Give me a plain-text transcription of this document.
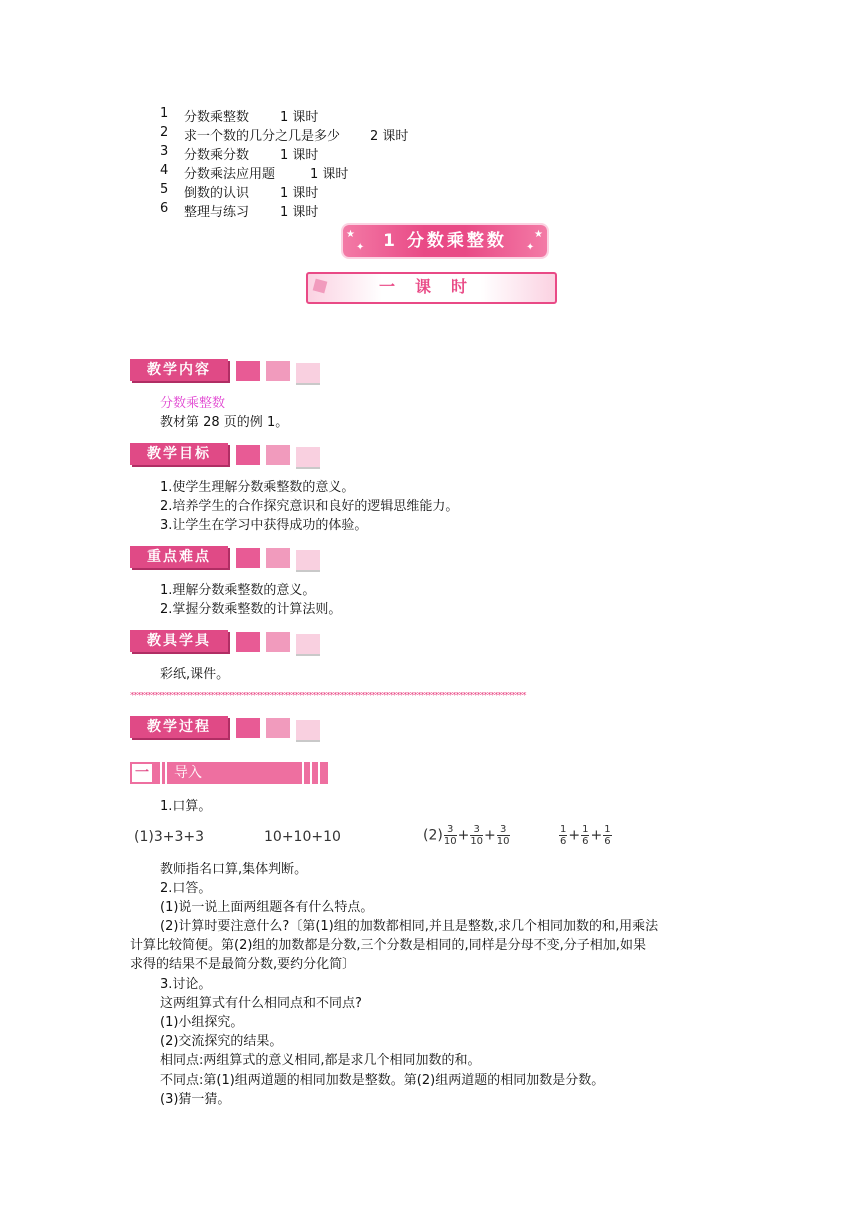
1 分数乘整数 1 课时
2 求一个数的几分之几是多少 2 课时
3 分数乘分数 1 课时
4 分数乘法应用题	1 课时
5 倒数的认识 1 课时
6 整理与练习 1 课时
1 分数乘整数
★
✦
★
✦
一课时
教学内容
分数乘整数
教材第 28 页的例 1。
教学目标
1.使学生理解分数乘整数的意义。
2.培养学生的合作探究意识和良好的逻辑思维能力。
3.让学生在学习中获得成功的体验。
重点难点
1.理解分数乘整数的意义。
2.掌握分数乘整数的计算法则。
教具学具
彩纸,课件。
*****************************************************************************************************************
教学过程
一	导入
1.口算。
(1)3+3+3	10+10+10	$(2) \frac{3}{10} + \frac{3}{10} + \frac{3}{10}$	$\frac{1}{6} + \frac{1}{6} + \frac{1}{6}$
教师指名口算,集体判断。
2.口答。
(1)说一说上面两组题各有什么特点。
(2)计算时要注意什么?〔第(1)组的加数都相同,并且是整数,求几个相同加数的和,用乘法
计算比较简便。第(2)组的加数都是分数,三个分数是相同的,同样是分母不变,分子相加,如果
求得的结果不是最简分数,要约分化简〕
3.讨论。
这两组算式有什么相同点和不同点?
(1)小组探究。
(2)交流探究的结果。
相同点:两组算式的意义相同,都是求几个相同加数的和。
不同点:第(1)组两道题的相同加数是整数。第(2)组两道题的相同加数是分数。
(3)猜一猜。
